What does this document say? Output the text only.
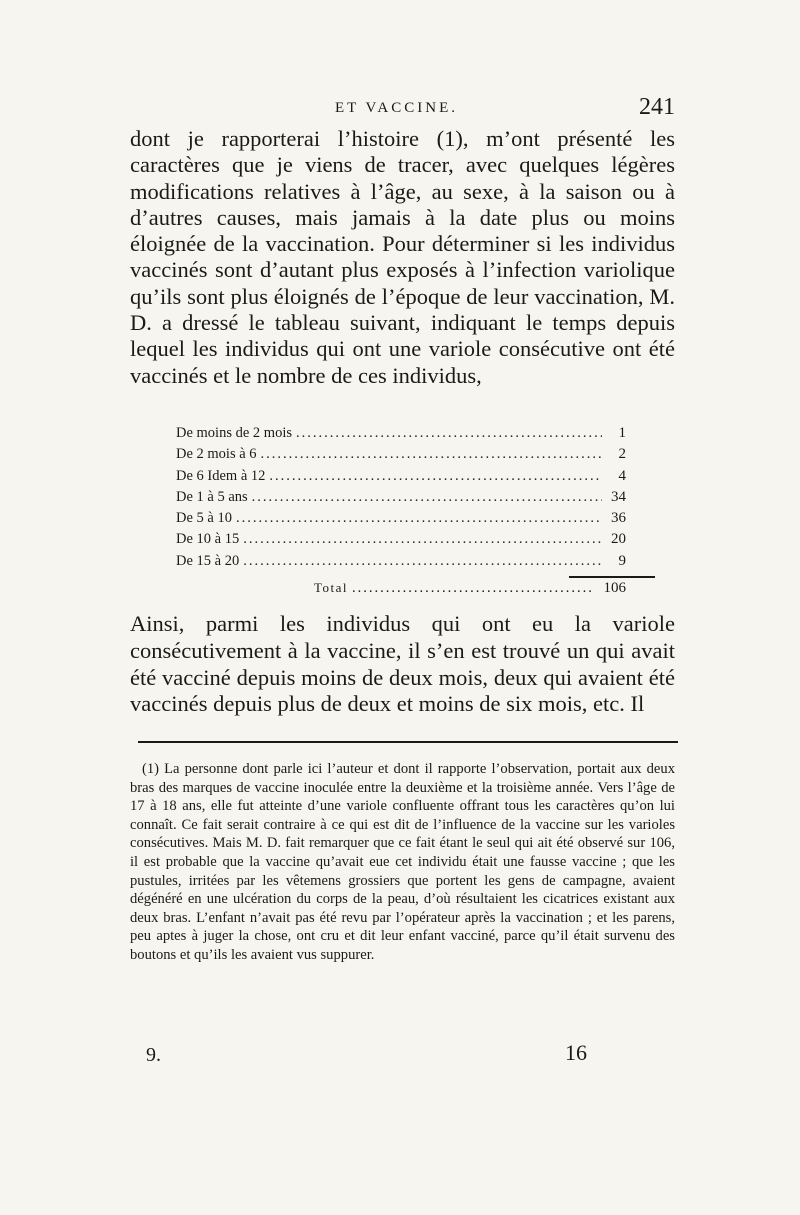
ET VACCINE.	241

dont je rapporterai l’histoire (1), m’ont présenté les caractères que je viens de tracer, avec quelques légères modifications relatives à l’âge, au sexe, à la saison ou à d’autres causes, mais jamais à la date plus ou moins éloignée de la vaccination. Pour déterminer si les individus vaccinés sont d’autant plus exposés à l’infection variolique qu’ils sont plus éloignés de l’époque de leur vaccination, M. D. a dressé le tableau suivant, indiquant le temps depuis lequel les individus qui ont une variole consécutive ont été vaccinés et le nombre de ces individus,

De moins de 2 mois .....	1
De 2 mois à 6 .....	2
De 6 Idem à 12 .....	4
De 1 à 5 ans .....	34
De 5 à 10 .....	36
De 10 à 15 .....	20
De 15 à 20 .....	9
Total .....	106

Ainsi, parmi les individus qui ont eu la variole consécutivement à la vaccine, il s’en est trouvé un qui avait été vacciné depuis moins de deux mois, deux qui avaient été vaccinés depuis plus de deux et moins de six mois, etc. Il

(1) La personne dont parle ici l’auteur et dont il rapporte l’observation, portait aux deux bras des marques de vaccine inoculée entre la deuxième et la troisième année. Vers l’âge de 17 à 18 ans, elle fut atteinte d’une variole confluente offrant tous les caractères qu’on lui connaît. Ce fait serait contraire à ce qui est dit de l’influence de la vaccine sur les varioles consécutives. Mais M. D. fait remarquer que ce fait étant le seul qui ait été observé sur 106, il est probable que la vaccine qu’avait eue cet individu était une fausse vaccine ; que les pustules, irritées par les vêtemens grossiers que portent les gens de campagne, avaient dégénéré en une ulcération du corps de la peau, d’où résultaient les cicatrices existant aux deux bras. L’enfant n’avait pas été revu par l’opérateur après la vaccination ; et les parens, peu aptes à juger la chose, ont cru et dit leur enfant vacciné, parce qu’il était survenu des boutons et qu’ils les avaient vus suppurer.

9.	16
